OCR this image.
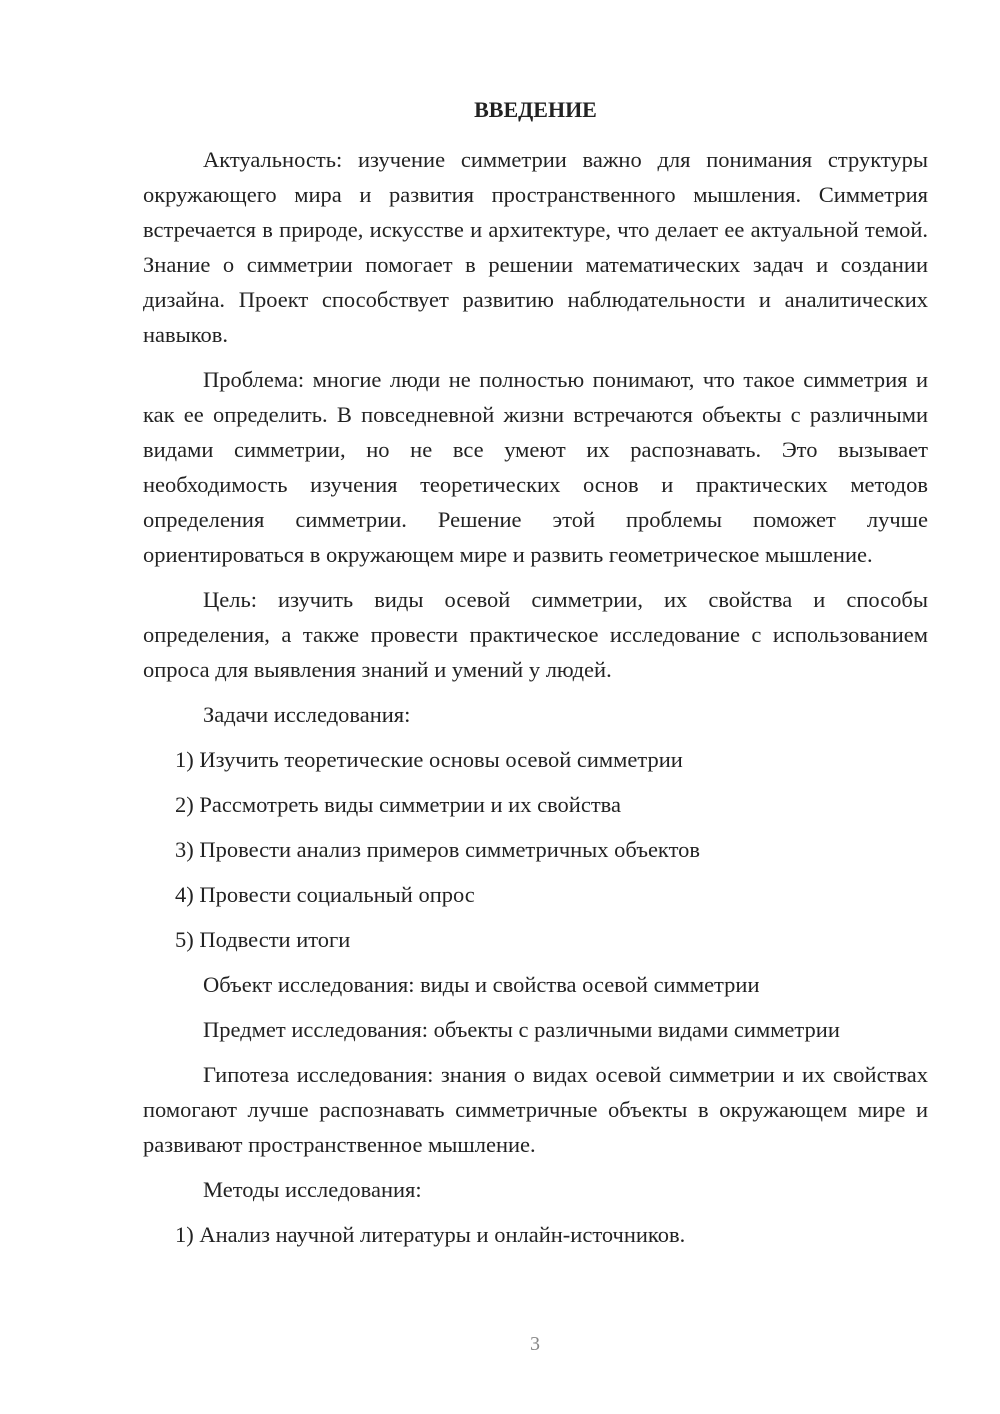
ВВЕДЕНИЕ

Актуальность: изучение симметрии важно для понимания структуры окружающего мира и развития пространственного мышления. Симметрия встречается в природе, искусстве и архитектуре, что делает ее актуальной темой. Знание о симметрии помогает в решении математических задач и создании дизайна. Проект способствует развитию наблюдательности и аналитических навыков.

Проблема: многие люди не полностью понимают, что такое симметрия и как ее определить. В повседневной жизни встречаются объекты с различными видами симметрии, но не все умеют их распознавать. Это вызывает необходимость изучения теоретических основ и практических методов определения симметрии. Решение этой проблемы поможет лучше ориентироваться в окружающем мире и развить геометрическое мышление.

Цель: изучить виды осевой симметрии, их свойства и способы определения, а также провести практическое исследование с использованием опроса для выявления знаний и умений у людей.

Задачи исследования:

1) Изучить теоретические основы осевой симметрии

2) Рассмотреть виды симметрии и их свойства

3) Провести анализ примеров симметричных объектов

4) Провести социальный опрос

5) Подвести итоги

Объект исследования: виды и свойства осевой симметрии

Предмет исследования: объекты с различными видами симметрии

Гипотеза исследования: знания о видах осевой симметрии и их свойствах помогают лучше распознавать симметричные объекты в окружающем мире и развивают пространственное мышление.

Методы исследования:

1) Анализ научной литературы и онлайн-источников.

3
